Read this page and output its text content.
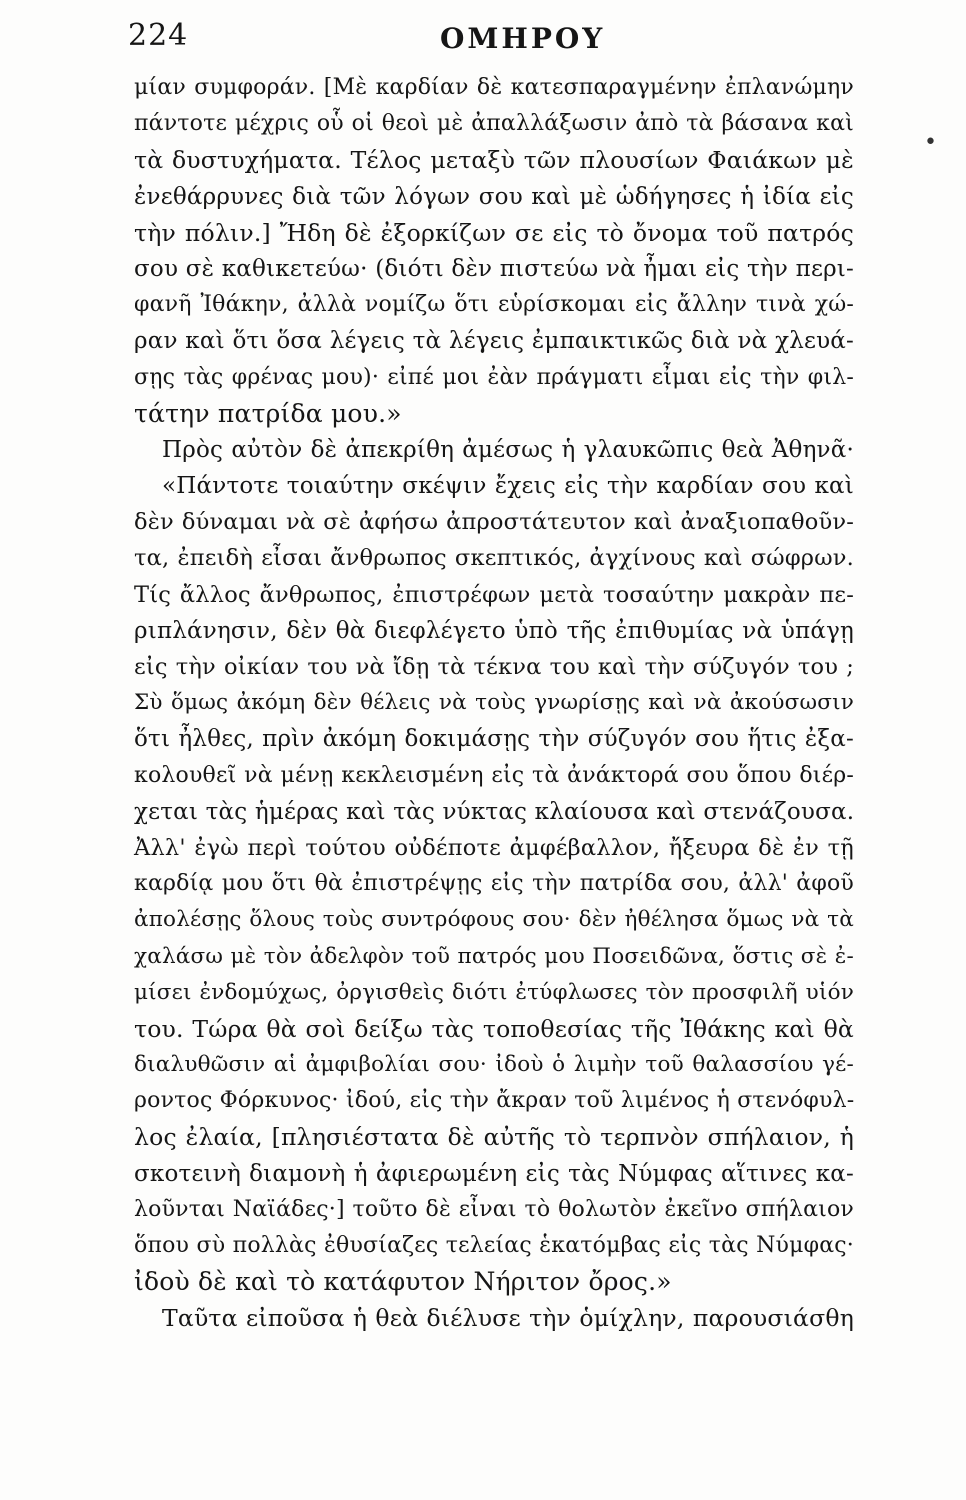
224	ΟΜΗΡΟΥ
•
μίαν συμφοράν. [Μὲ καρδίαν δὲ κατεσπαραγμένην ἐπλανώμην
πάντοτε μέχρις οὗ οἱ θεοὶ μὲ ἀπαλλάξωσιν ἀπὸ τὰ βάσανα καὶ
τὰ δυστυχήματα. Τέλος μεταξὺ τῶν πλουσίων Φαιάκων μὲ
ἐνεθάρρυνες διὰ τῶν λόγων σου καὶ μὲ ὡδήγησες ἡ ἰδία εἰς
τὴν πόλιν.] Ἤδη δὲ ἐξορκίζων σε εἰς τὸ ὄνομα τοῦ πατρός
σου σὲ καθικετεύω· (διότι δὲν πιστεύω νὰ ἦμαι εἰς τὴν περι-
φανῆ Ἰθάκην, ἀλλὰ νομίζω ὅτι εὑρίσκομαι εἰς ἄλλην τινὰ χώ-
ραν καὶ ὅτι ὅσα λέγεις τὰ λέγεις ἐμπαικτικῶς διὰ νὰ χλευά-
σῃς τὰς φρένας μου)· εἰπέ μοι ἐὰν πράγματι εἶμαι εἰς τὴν φιλ-
τάτην πατρίδα μου.»
Πρὸς αὐτὸν δὲ ἀπεκρίθη ἀμέσως ἡ γλαυκῶπις θεὰ Ἀθηνᾶ·
«Πάντοτε τοιαύτην σκέψιν ἔχεις εἰς τὴν καρδίαν σου καὶ
δὲν δύναμαι νὰ σὲ ἀφήσω ἀπροστάτευτον καὶ ἀναξιοπαθοῦν-
τα, ἐπειδὴ εἶσαι ἄνθρωπος σκεπτικός, ἀγχίνους καὶ σώφρων.
Τίς ἄλλος ἄνθρωπος, ἐπιστρέφων μετὰ τοσαύτην μακρὰν πε-
ριπλάνησιν, δὲν θὰ διεφλέγετο ὑπὸ τῆς ἐπιθυμίας νὰ ὑπάγῃ
εἰς τὴν οἰκίαν του νὰ ἴδῃ τὰ τέκνα του καὶ τὴν σύζυγόν του ;
Σὺ ὅμως ἀκόμη δὲν θέλεις νὰ τοὺς γνωρίσῃς καὶ νὰ ἀκούσωσιν
ὅτι ἦλθες, πρὶν ἀκόμη δοκιμάσῃς τὴν σύζυγόν σου ἥτις ἐξα-
κολουθεῖ νὰ μένῃ κεκλεισμένη εἰς τὰ ἀνάκτορά σου ὅπου διέρ-
χεται τὰς ἡμέρας καὶ τὰς νύκτας κλαίουσα καὶ στενάζουσα.
Ἀλλ' ἐγὼ περὶ τούτου οὐδέποτε ἀμφέβαλλον, ἤξευρα δὲ ἐν τῇ
καρδίᾳ μου ὅτι θὰ ἐπιστρέψῃς εἰς τὴν πατρίδα σου, ἀλλ' ἀφοῦ
ἀπολέσῃς ὅλους τοὺς συντρόφους σου· δὲν ἠθέλησα ὅμως νὰ τὰ
χαλάσω μὲ τὸν ἀδελφὸν τοῦ πατρός μου Ποσειδῶνα, ὅστις σὲ ἐ-
μίσει ἐνδομύχως, ὀργισθεὶς διότι ἐτύφλωσες τὸν προσφιλῆ υἱόν
του. Τώρα θὰ σοὶ δείξω τὰς τοποθεσίας τῆς Ἰθάκης καὶ θὰ
διαλυθῶσιν αἱ ἀμφιβολίαι σου· ἰδοὺ ὁ λιμὴν τοῦ θαλασσίου γέ-
ροντος Φόρκυνος· ἰδού, εἰς τὴν ἄκραν τοῦ λιμένος ἡ στενόφυλ-
λος ἐλαία, [πλησιέστατα δὲ αὐτῆς τὸ τερπνὸν σπήλαιον, ἡ
σκοτεινὴ διαμονὴ ἡ ἀφιερωμένη εἰς τὰς Νύμφας αἵτινες κα-
λοῦνται Ναϊάδες·] τοῦτο δὲ εἶναι τὸ θολωτὸν ἐκεῖνο σπήλαιον
ὅπου σὺ πολλὰς ἐθυσίαζες τελείας ἑκατόμβας εἰς τὰς Νύμφας·
ἰδοὺ δὲ καὶ τὸ κατάφυτον Νήριτον ὄρος.»
Ταῦτα εἰποῦσα ἡ θεὰ διέλυσε τὴν ὁμίχλην, παρουσιάσθη
